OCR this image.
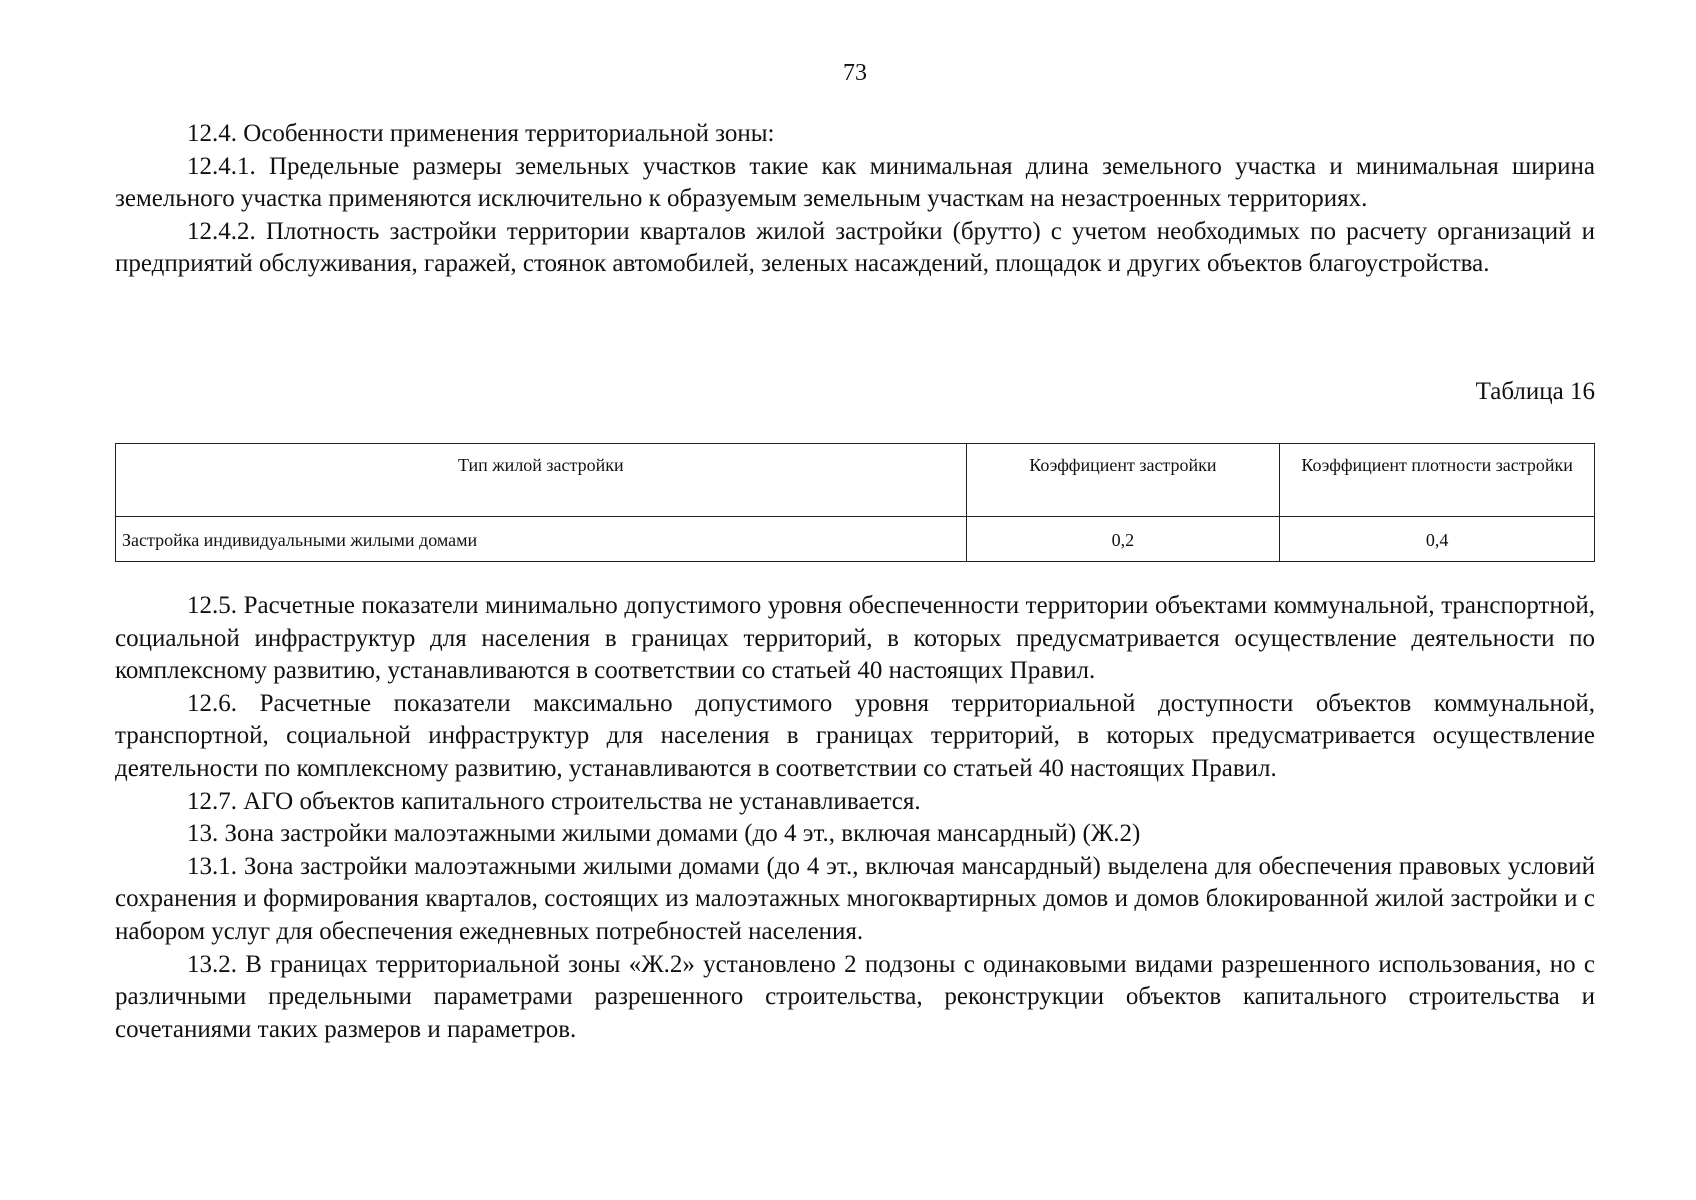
73

12.4. Особенности применения территориальной зоны:

12.4.1. Предельные размеры земельных участков такие как минимальная длина земельного участка и минимальная ширина земельного участка применяются исключительно к образуемым земельным участкам на незастроенных территориях.

12.4.2. Плотность застройки территории кварталов жилой застройки (брутто) с учетом необходимых по расчету организаций и предприятий обслуживания, гаражей, стоянок автомобилей, зеленых насаждений, площадок и других объектов благоустройства.

Таблица 16
Тип жилой застройки	Коэффициент застройки	Коэффициент плотности застройки
Застройка индивидуальными жилыми домами	0,2	0,4

12.5. Расчетные показатели минимально допустимого уровня обеспеченности территории объектами коммунальной, транспортной, социальной инфраструктур для населения в границах территорий, в которых предусматривается осуществление деятельности по комплексному развитию, устанавливаются в соответствии со статьей 40 настоящих Правил.

12.6. Расчетные показатели максимально допустимого уровня территориальной доступности объектов коммунальной, транспортной, социальной инфраструктур для населения в границах территорий, в которых предусматривается осуществление деятельности по комплексному развитию, устанавливаются в соответствии со статьей 40 настоящих Правил.

12.7. АГО объектов капитального строительства не устанавливается.

13. Зона застройки малоэтажными жилыми домами (до 4 эт., включая мансардный) (Ж.2)

13.1. Зона застройки малоэтажными жилыми домами (до 4 эт., включая мансардный) выделена для обеспечения правовых условий сохранения и формирования кварталов, состоящих из малоэтажных многоквартирных домов и домов блокированной жилой застройки и с набором услуг для обеспечения ежедневных потребностей населения.

13.2. В границах территориальной зоны «Ж.2» установлено 2 подзоны с одинаковыми видами разрешенного использования, но с различными предельными параметрами разрешенного строительства, реконструкции объектов капитального строительства и сочетаниями таких размеров и параметров.
